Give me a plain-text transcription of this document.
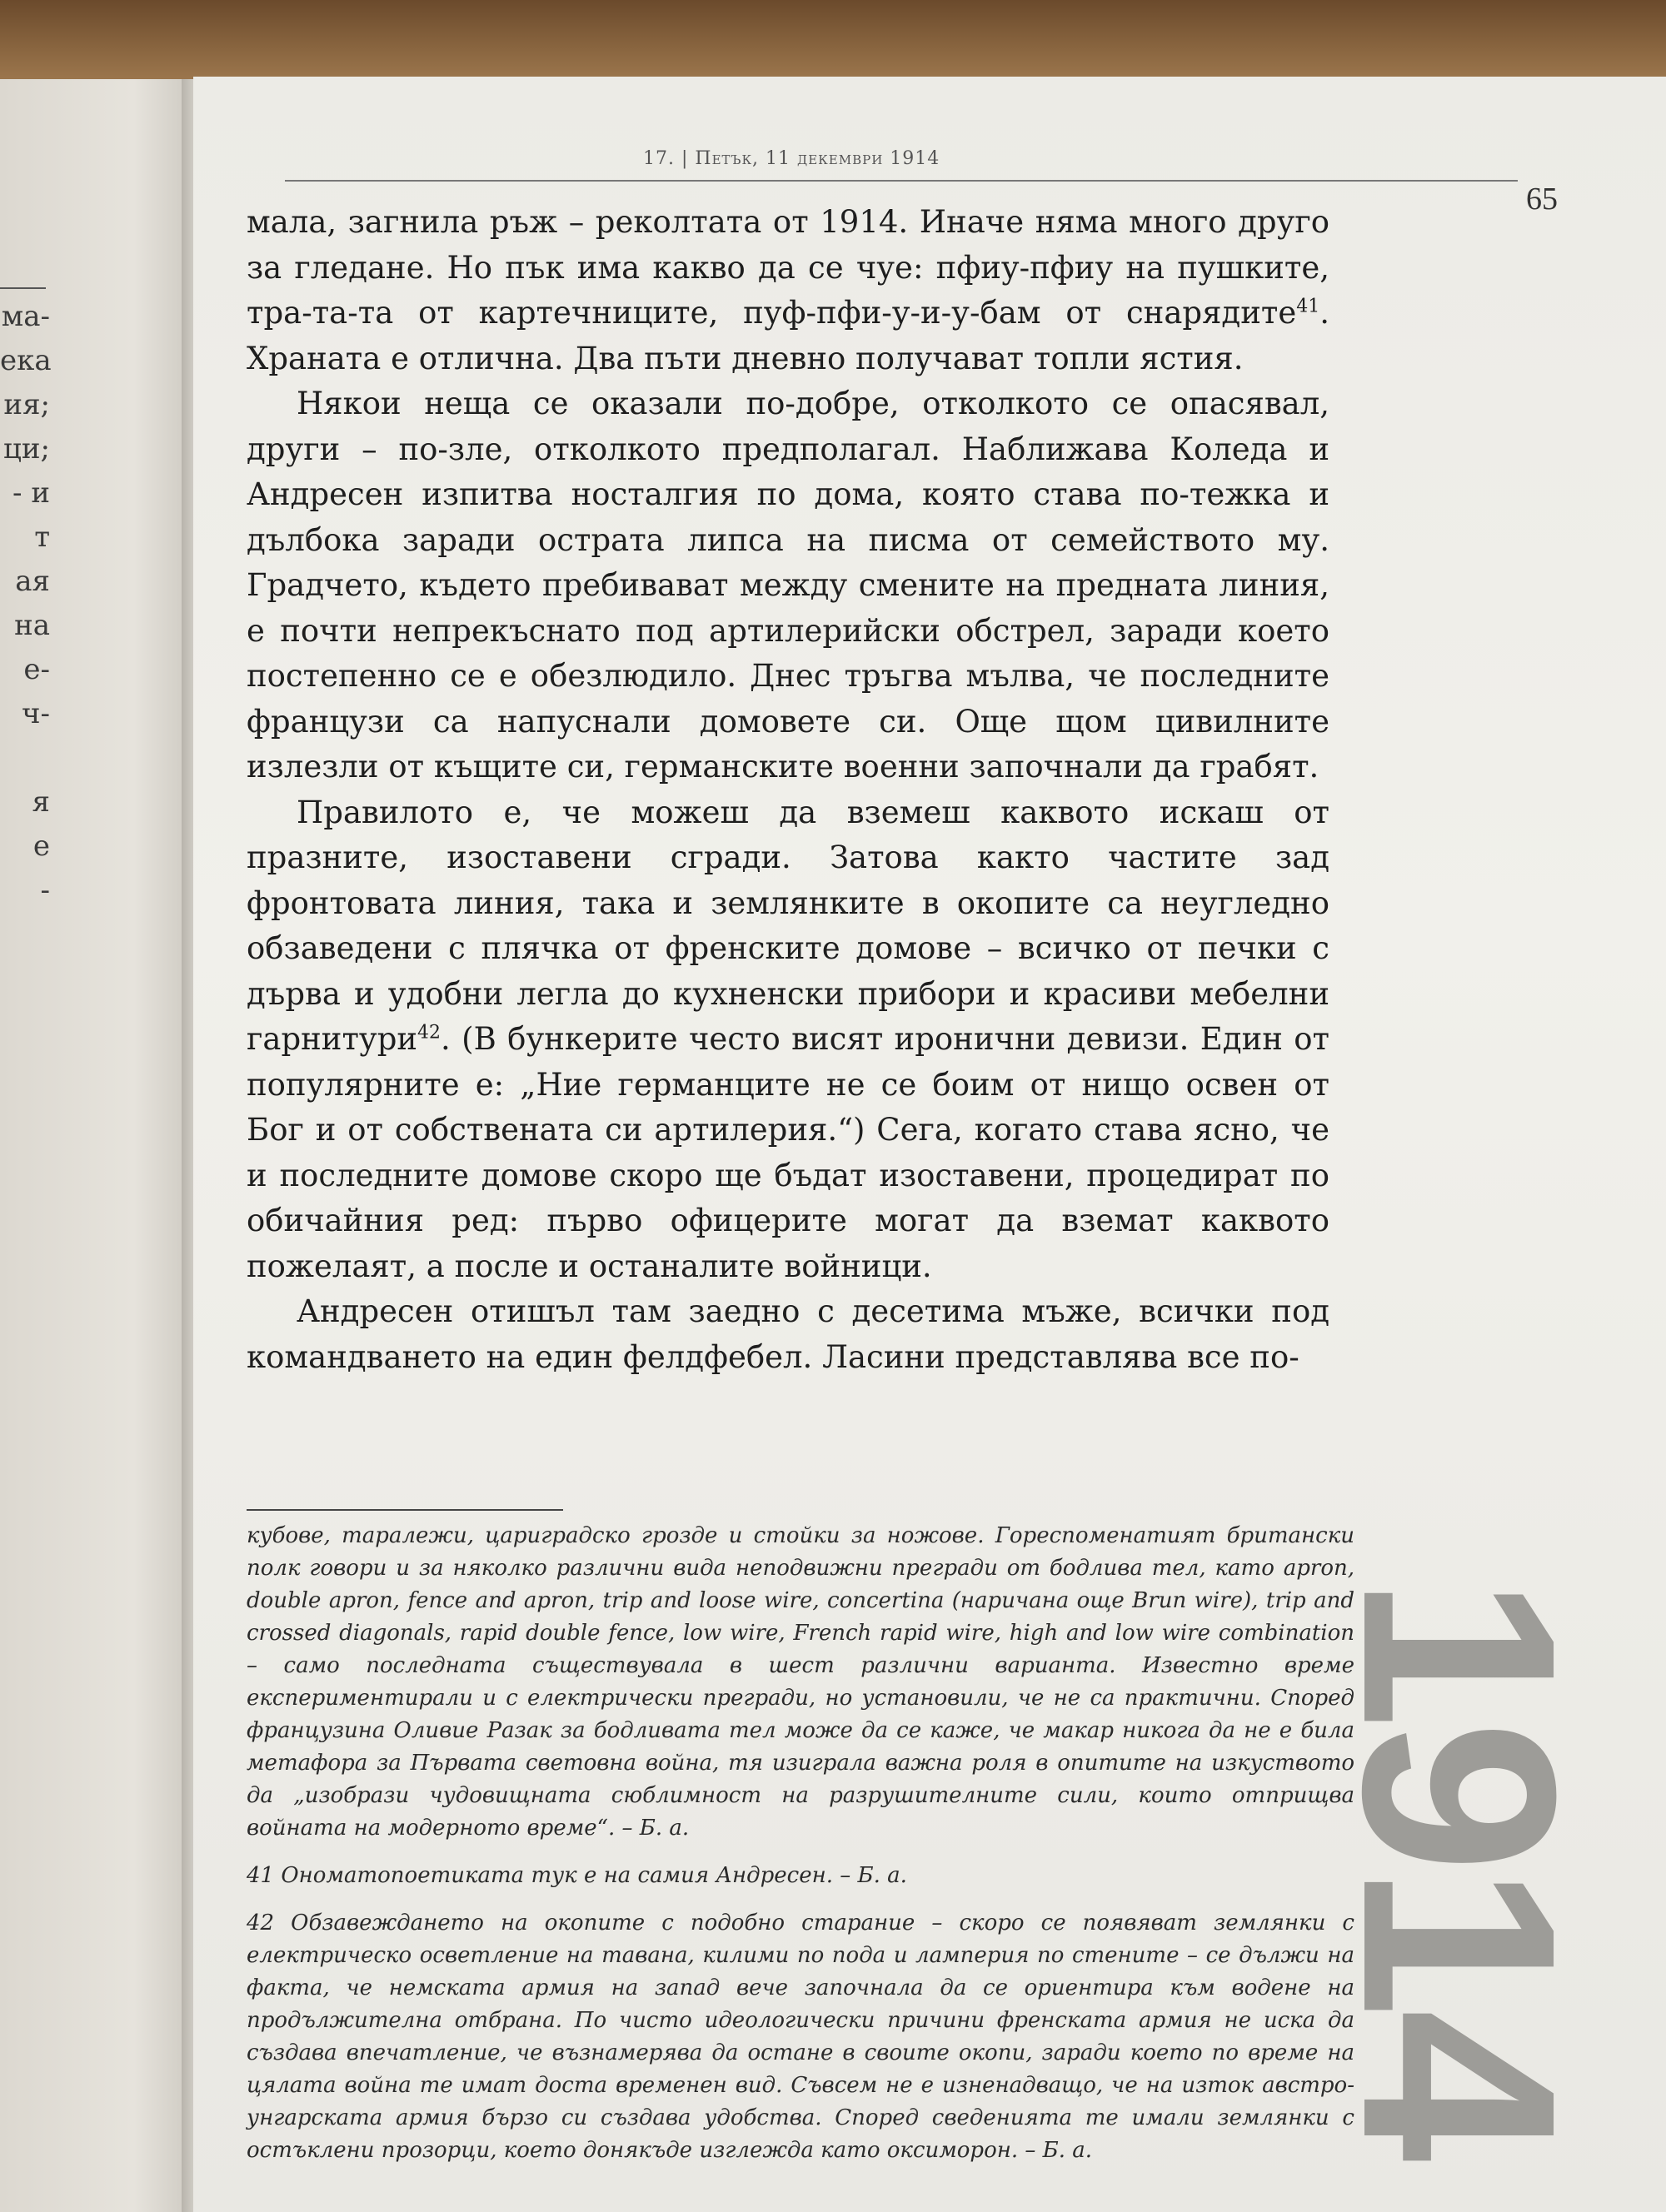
ма-
ека
ия;
ци;
- и
т
ая
на
е-
ч-
я
е
-
17. | Петък, 11 декември 1914
65

мала, загнила ръж – реколтата от 1914. Иначе няма много друго за гледане. Но пък има какво да се чуе: пфиу-пфиу на пушките, тра-та-та от картечниците, пуф-пфи-у-и-у-бам от снарядите$^{41}$. Храната е отлична. Два пъти дневно получават топли ястия.

Някои неща се оказали по-добре, отколкото се опасявал, други – по-зле, отколкото предполагал. Наближава Коледа и Андресен изпитва носталгия по дома, която става по-тежка и дълбока заради острата липса на писма от семейството му. Градчето, където пребивават между смените на предната линия, е почти непрекъснато под артилерийски обстрел, заради което постепенно се е обезлюдило. Днес тръгва мълва, че последните французи са напуснали домовете си. Още щом цивилните излезли от къщите си, германските военни започнали да грабят.

Правилото е, че можеш да вземеш каквото искаш от празните, изоставени сгради. Затова както частите зад фронтовата линия, така и землянките в окопите са неуглeдно обзаведени с плячка от френските домове – всичко от печки с дърва и удобни легла до кухненски прибори и красиви мебелни гарнитури$^{42}$. (В бункерите често висят иронични девизи. Един от популярните е: „Ние германците не се боим от нищо освен от Бог и от собствената си артилерия.“) Сега, когато става ясно, че и последните домове скоро ще бъдат изоставени, процедират по обичайния ред: първо офицерите могат да вземат каквото пожелаят, а после и останалите войници.

Андресен отишъл там заедно с десетима мъже, всички под командването на един фелдфебел. Ласини представлява все по-

кубове, таралежи, цариградско грозде и стойки за ножове. Гореспоменатият британски полк говори и за няколко различни вида неподвижни прегради от бодлива тел, като apron, double apron, fence and apron, trip and loose wire, concertina (наричана още Brun wire), trip and crossed diagonals, rapid double fence, low wire, French rapid wire, high and low wire combination – само последната съществувала в шест различни варианта. Известно време експериментирали и с електрически прегради, но установили, че не са практични. Според французина Оливие Разак за бодливата тел може да се каже, че макар никога да не е била метафора за Първата световна война, тя изиграла важна роля в опитите на изкуството да „изобрази чудовищната сюблимност на разрушителните сили, които отприщва войната на модерното време“. – Б. а.

41 Ономатопоетиката тук е на самия Андресен. – Б. а.

42 Обзавеждането на окопите с подобно старание – скоро се появяват землянки с електрическо осветление на тавана, килими по пода и ламперия по стените – се дължи на факта, че немската армия на запад вече започнала да се ориентира към водене на продължителна отбрана. По чисто идеологически причини френската армия не иска да създава впечатление, че възнамерява да остане в своите окопи, заради което по време на цялата война те имат доста временен вид. Съвсем не е изненадващо, че на изток австро-унгарската армия бързо си създава удобства. Според сведенията те имали землянки с остъклени прозорци, което донякъде изглежда като оксиморон. – Б. а. 1914
